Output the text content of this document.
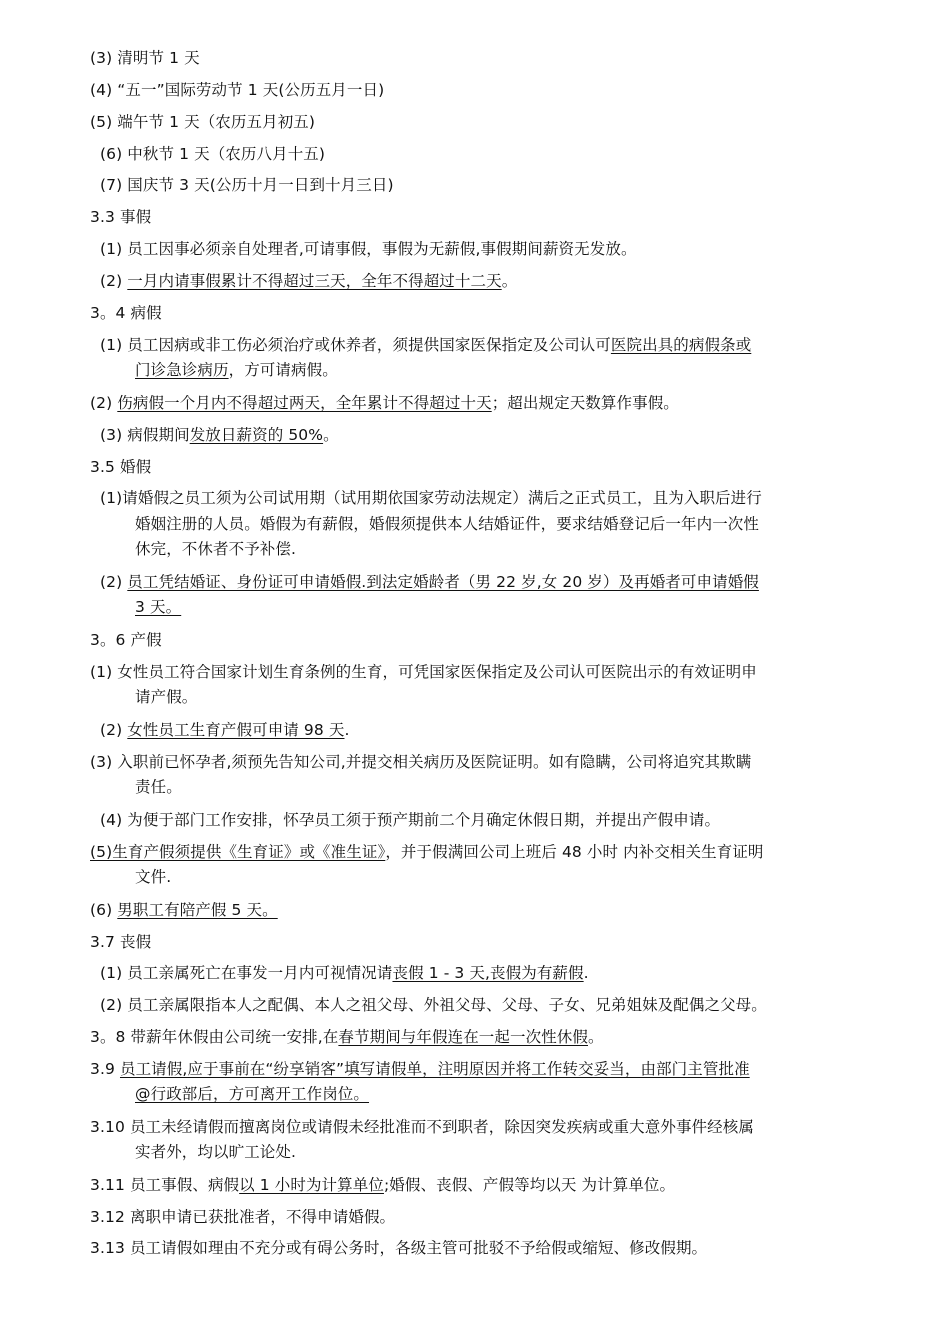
(3) 清明节 1 天
(4) “五一”国际劳动节 1 天(公历五月一日)
(5) 端午节 1 天（农历五月初五)
(6) 中秋节 1 天（农历八月十五)
(7) 国庆节 3 天(公历十月一日到十月三日)
3.3 事假
(1) 员工因事必须亲自处理者,可请事假，事假为无薪假,事假期间薪资无发放。
(2) 一月内请事假累计不得超过三天，全年不得超过十二天。
3。4 病假
(1) 员工因病或非工伤必须治疗或休养者，须提供国家医保指定及公司认可医院出具的病假条或
门诊急诊病历，方可请病假。
(2) 伤病假一个月内不得超过两天，全年累计不得超过十天；超出规定天数算作事假。
(3) 病假期间发放日薪资的 50%。
3.5 婚假
(1)请婚假之员工须为公司试用期（试用期依国家劳动法规定）满后之正式员工，且为入职后进行
婚姻注册的人员。婚假为有薪假，婚假须提供本人结婚证件，要求结婚登记后一年内一次性
休完，不休者不予补偿.
(2) 员工凭结婚证、身份证可申请婚假.到法定婚龄者（男 22 岁,女 20 岁）及再婚者可申请婚假
3 天。
3。6 产假
(1) 女性员工符合国家计划生育条例的生育，可凭国家医保指定及公司认可医院出示的有效证明申
请产假。
(2) 女性员工生育产假可申请 98 天.
(3) 入职前已怀孕者,须预先告知公司,并提交相关病历及医院证明。如有隐瞒，公司将追究其欺瞒
责任。
(4) 为便于部门工作安排，怀孕员工须于预产期前二个月确定休假日期，并提出产假申请。
(5)生育产假须提供《生育证》或《准生证》，并于假满回公司上班后 48 小时 内补交相关生育证明
文件.
(6) 男职工有陪产假 5 天。
3.7 丧假
(1) 员工亲属死亡在事发一月内可视情况请丧假 1 - 3 天,丧假为有薪假.
(2) 员工亲属限指本人之配偶、本人之祖父母、外祖父母、父母、子女、兄弟姐妹及配偶之父母。
3。8 带薪年休假由公司统一安排,在春节期间与年假连在一起一次性休假。
3.9 员工请假,应于事前在“纷享销客”填写请假单，注明原因并将工作转交妥当，由部门主管批准
@行政部后，方可离开工作岗位。
3.10 员工未经请假而擅离岗位或请假未经批准而不到职者，除因突发疾病或重大意外事件经核属
实者外，均以旷工论处.
3.11 员工事假、病假以 1 小时为计算单位;婚假、丧假、产假等均以天 为计算单位。
3.12 离职申请已获批准者，不得申请婚假。
3.13 员工请假如理由不充分或有碍公务时，各级主管可批驳不予给假或缩短、修改假期。
